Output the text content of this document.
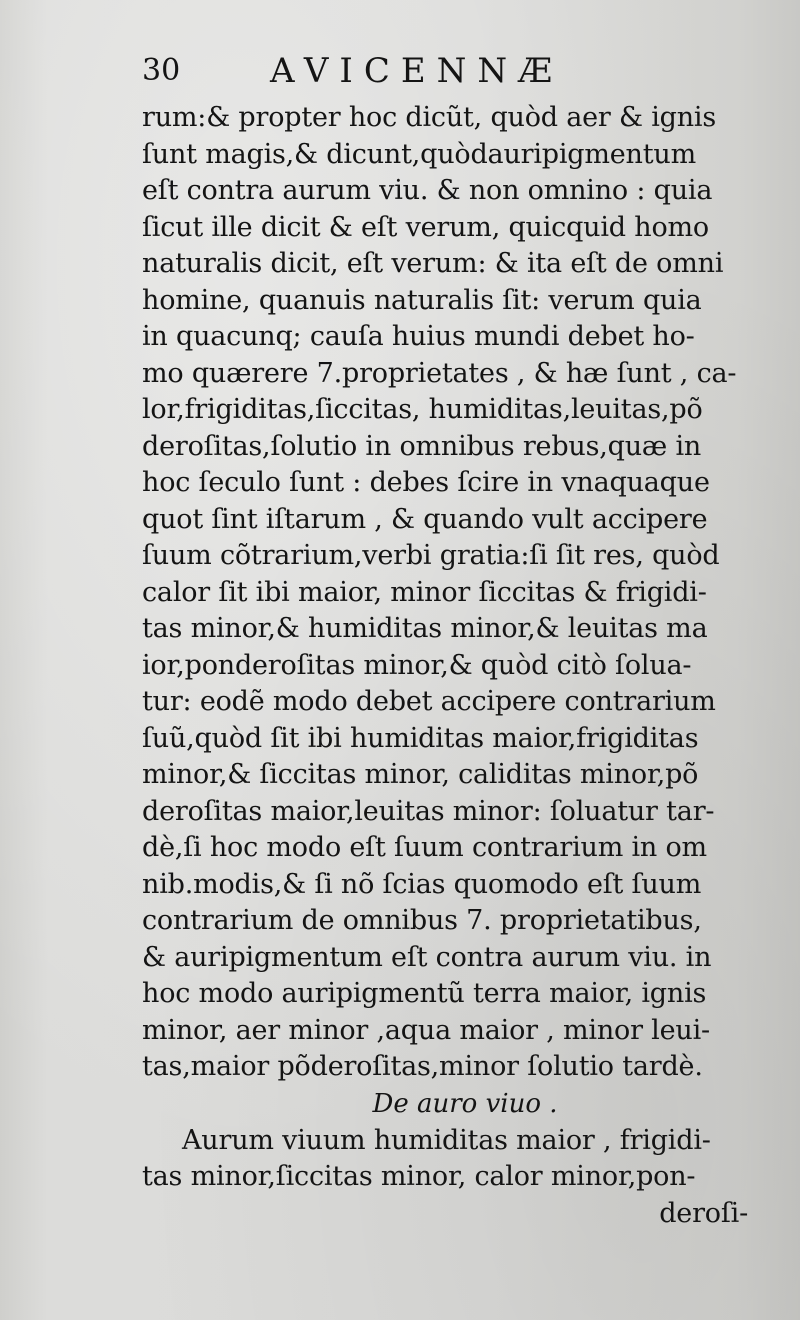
30	AVICENNÆ
rum:& propter hoc dicũt, quòd aer & ignis
ſunt magis,& dicunt,quòdauripigmentum
eſt contra aurum viu. & non omnino : quia
ſicut ille dicit & eſt verum, quicquid homo
naturalis dicit, eſt verum: & ita eſt de omni
homine, quanuis naturalis ſit: verum quia
in quacunq; cauſa huius mundi debet ho-
mo quærere 7.proprietates , & hæ ſunt , ca-
lor,frigiditas,ſiccitas, humiditas,leuitas,põ
deroſitas,ſolutio in omnibus rebus,quæ in
hoc ſeculo ſunt : debes ſcire in vnaquaque
quot ſint iſtarum , & quando vult accipere
ſuum cõtrarium,verbi gratia:ſi ſit res, quòd
calor ſit ibi maior, minor ſiccitas & frigidi-
tas minor,& humiditas minor,& leuitas ma
ior,ponderoſitas minor,& quòd citò ſolua-
tur: eodẽ modo debet accipere contrarium
ſuũ,quòd ſit ibi humiditas maior,frigiditas
minor,& ſiccitas minor, caliditas minor,põ
deroſitas maior,leuitas minor: ſoluatur tar-
dè,ſi hoc modo eſt ſuum contrarium in om
nib.modis,& ſi nõ ſcias quomodo eſt ſuum
contrarium de omnibus 7. proprietatibus,
& auripigmentum eſt contra aurum viu. in
hoc modo auripigmentũ terra maior, ignis
minor, aer minor ,aqua maior , minor leui-
tas,maior põderoſitas,minor ſolutio tardè.
De auro viuo .
Aurum viuum humiditas maior , frigidi-
tas minor,ſiccitas minor, calor minor,pon-
deroſi-
